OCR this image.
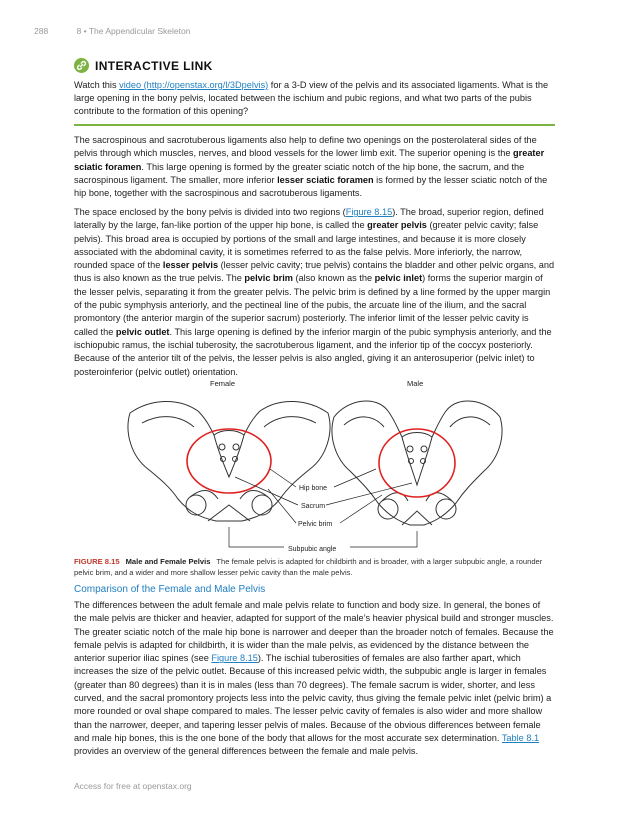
288	8 • The Appendicular Skeleton
INTERACTIVE LINK
Watch this video (http://openstax.org/l/3Dpelvis) for a 3-D view of the pelvis and its associated ligaments. What is the large opening in the bony pelvis, located between the ischium and pubic regions, and what two parts of the pubis contribute to the formation of this opening?
The sacrospinous and sacrotuberous ligaments also help to define two openings on the posterolateral sides of the pelvis through which muscles, nerves, and blood vessels for the lower limb exit. The superior opening is the greater sciatic foramen. This large opening is formed by the greater sciatic notch of the hip bone, the sacrum, and the sacrospinous ligament. The smaller, more inferior lesser sciatic foramen is formed by the lesser sciatic notch of the hip bone, together with the sacrospinous and sacrotuberous ligaments.
The space enclosed by the bony pelvis is divided into two regions (Figure 8.15). The broad, superior region, defined laterally by the large, fan-like portion of the upper hip bone, is called the greater pelvis (greater pelvic cavity; false pelvis). This broad area is occupied by portions of the small and large intestines, and because it is more closely associated with the abdominal cavity, it is sometimes referred to as the false pelvis. More inferiorly, the narrow, rounded space of the lesser pelvis (lesser pelvic cavity; true pelvis) contains the bladder and other pelvic organs, and thus is also known as the true pelvis. The pelvic brim (also known as the pelvic inlet) forms the superior margin of the lesser pelvis, separating it from the greater pelvis. The pelvic brim is defined by a line formed by the upper margin of the pubic symphysis anteriorly, and the pectineal line of the pubis, the arcuate line of the ilium, and the sacral promontory (the anterior margin of the superior sacrum) posteriorly. The inferior limit of the lesser pelvic cavity is called the pelvic outlet. This large opening is defined by the inferior margin of the pubic symphysis anteriorly, and the ischiopubic ramus, the ischial tuberosity, the sacrotuberous ligament, and the inferior tip of the coccyx posteriorly. Because of the anterior tilt of the pelvis, the lesser pelvis is also angled, giving it an anterosuperior (pelvic inlet) to posteroinferior (pelvic outlet) orientation.
Female	Male
Hip bone
Sacrum
Pelvic brim
Subpubic angle
FIGURE 8.15 Male and Female Pelvis The female pelvis is adapted for childbirth and is broader, with a larger subpubic angle, a rounder pelvic brim, and a wider and more shallow lesser pelvic cavity than the male pelvis.
Comparison of the Female and Male Pelvis
The differences between the adult female and male pelvis relate to function and body size. In general, the bones of the male pelvis are thicker and heavier, adapted for support of the male’s heavier physical build and stronger muscles. The greater sciatic notch of the male hip bone is narrower and deeper than the broader notch of females. Because the female pelvis is adapted for childbirth, it is wider than the male pelvis, as evidenced by the distance between the anterior superior iliac spines (see Figure 8.15). The ischial tuberosities of females are also farther apart, which increases the size of the pelvic outlet. Because of this increased pelvic width, the subpubic angle is larger in females (greater than 80 degrees) than it is in males (less than 70 degrees). The female sacrum is wider, shorter, and less curved, and the sacral promontory projects less into the pelvic cavity, thus giving the female pelvic inlet (pelvic brim) a more rounded or oval shape compared to males. The lesser pelvic cavity of females is also wider and more shallow than the narrower, deeper, and tapering lesser pelvis of males. Because of the obvious differences between female and male hip bones, this is the one bone of the body that allows for the most accurate sex determination. Table 8.1 provides an overview of the general differences between the female and male pelvis.
Access for free at openstax.org
